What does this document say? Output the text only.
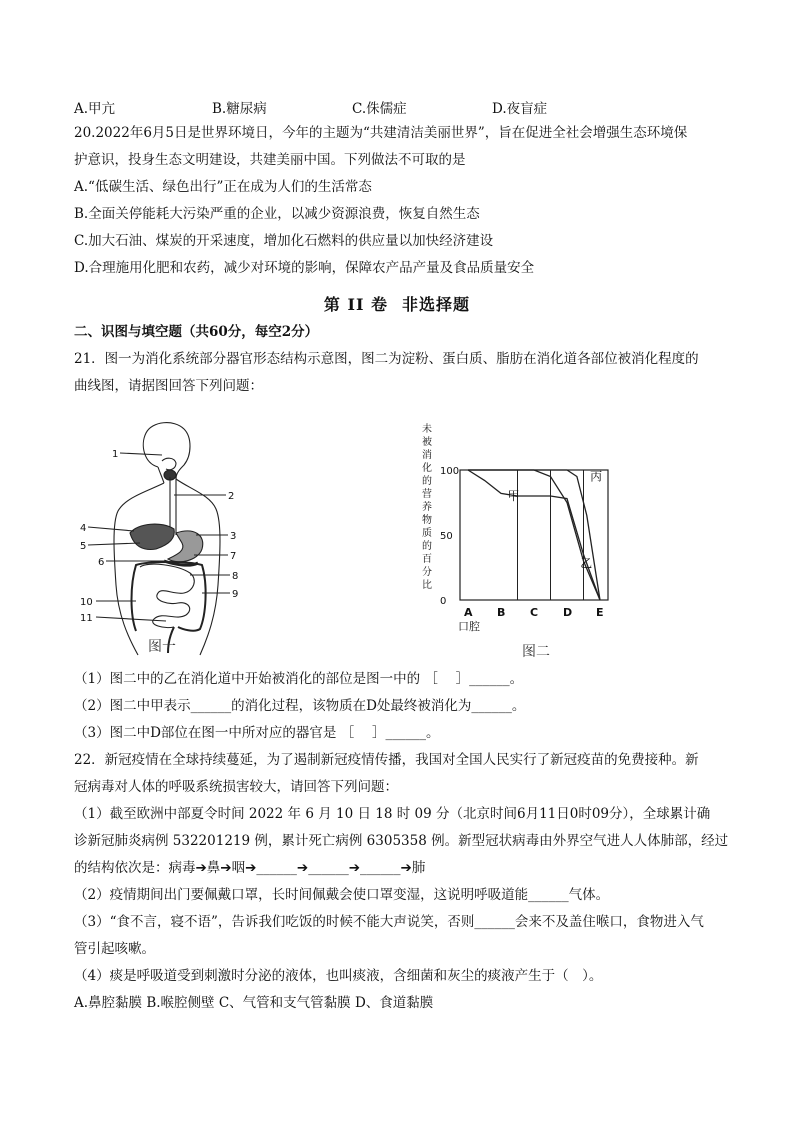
A.甲亢	B.糖尿病	C.侏儒症	D.夜盲症
20.2022年6月5日是世界环境日，今年的主题为“共建清洁美丽世界”，旨在促进全社会增强生态环境保
护意识，投身生态文明建设，共建美丽中国。下列做法不可取的是
A.“低碳生活、绿色出行”正在成为人们的生活常态
B.全面关停能耗大污染严重的企业，以减少资源浪费，恢复自然生态
C.加大石油、煤炭的开采速度，增加化石燃料的供应量以加快经济建设
D.合理施用化肥和农药，减少对环境的影响，保障农产品产量及食品质量安全
第 II 卷 非选择题
二、识图与填空题（共60分，每空2分）
21．图一为消化系统部分器官形态结构示意图，图二为淀粉、蛋白质、脂肪在消化道各部位被消化程度的
曲线图，请据图回答下列问题：
1
2
3
4
5
6
7
8
9
10
11
图一
未
被
消
化
的
营
养
物
质
的
百
分
比
100
50
0
A B C D E
甲
乙
丙
口腔
图二
（1）图二中的乙在消化道中开始被消化的部位是图一中的 ［　 ］______。
（2）图二中甲表示______的消化过程，该物质在D处最终被消化为______。
（3）图二中D部位在图一中所对应的器官是 ［　 ］______。
22．新冠疫情在全球持续蔓延，为了遏制新冠疫情传播，我国对全国人民实行了新冠疫苗的免费接种。新
冠病毒对人体的呼吸系统损害较大，请回答下列问题：
（1）截至欧洲中部夏令时间 2022 年 6 月 10 日 18 时 09 分（北京时间6月11日0时09分），全球累计确
诊新冠肺炎病例 532201219 例，累计死亡病例 6305358 例。新型冠状病毒由外界空气进人人体肺部，经过
的结构依次是：病毒➔鼻➔咽➔______➔______➔______➔肺
（2）疫情期间出门要佩戴口罩，长时间佩戴会使口罩变湿，这说明呼吸道能______气体。
（3）“食不言，寝不语”，告诉我们吃饭的时候不能大声说笑，否则______会来不及盖住喉口，食物进入气
管引起咳嗽。
（4）痰是呼吸道受到刺激时分泌的液体，也叫痰液，含细菌和灰尘的痰液产生于（　）。
A.鼻腔黏膜 B.喉腔侧壁 C、气管和支气管黏膜 D、食道黏膜
